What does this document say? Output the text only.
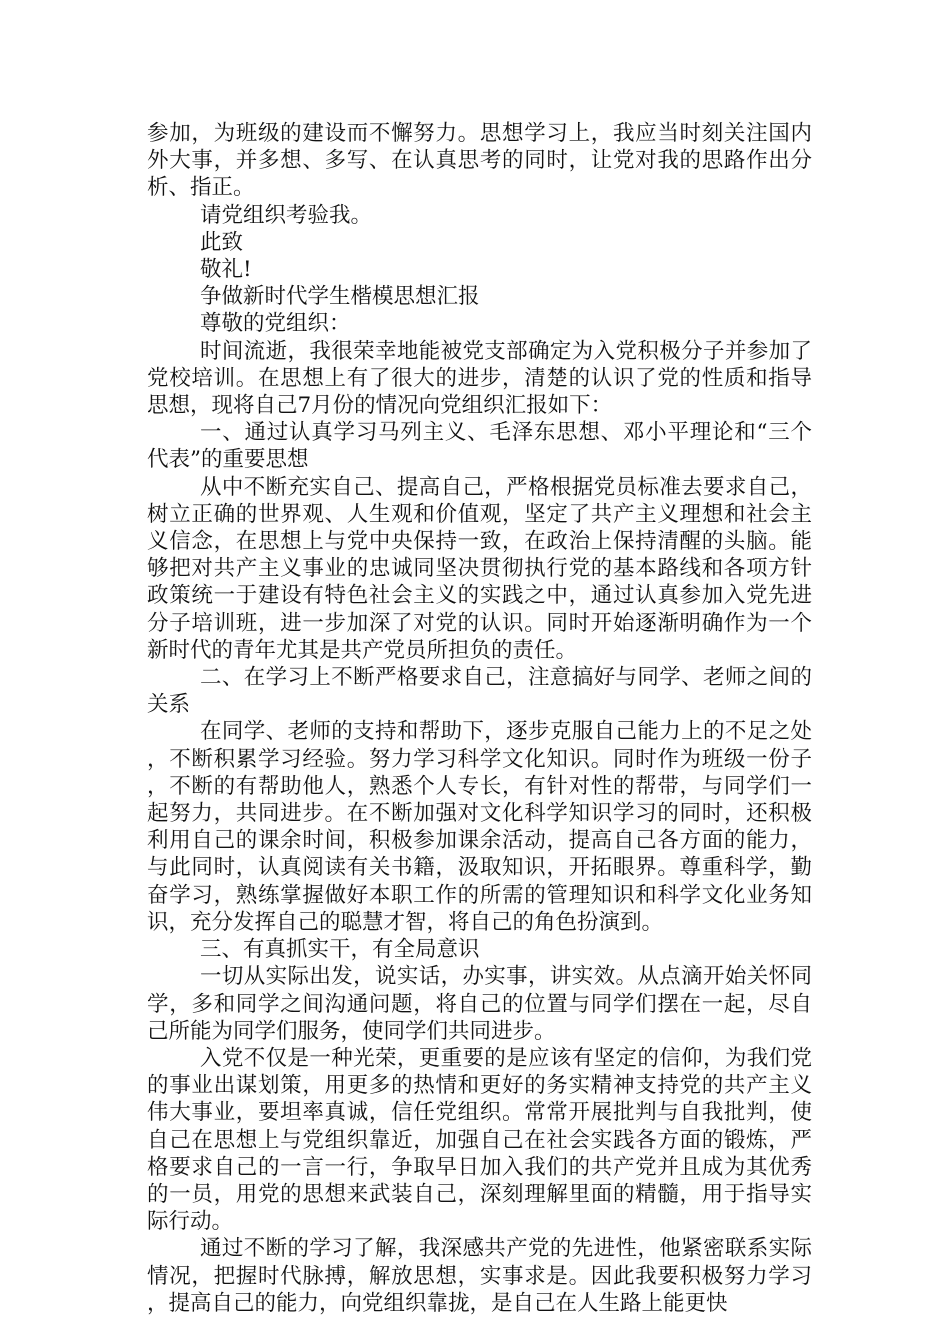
参加，为班级的建设而不懈努力。思想学习上，我应当时刻关注国内外大事，并多想、多写、在认真思考的同时，让党对我的思路作出分析、指正。

请党组织考验我。

此致

敬礼!

争做新时代学生楷模思想汇报

尊敬的党组织：

时间流逝，我很荣幸地能被党支部确定为入党积极分子并参加了党校培训。在思想上有了很大的进步，清楚的认识了党的性质和指导思想，现将自己7月份的情况向党组织汇报如下：

一、通过认真学习马列主义、毛泽东思想、邓小平理论和“三个代表”的重要思想

从中不断充实自己、提高自己，严格根据党员标准去要求自己，树立正确的世界观、人生观和价值观，坚定了共产主义理想和社会主义信念，在思想上与党中央保持一致，在政治上保持清醒的头脑。能够把对共产主义事业的忠诚同坚决贯彻执行党的基本路线和各项方针政策统一于建设有特色社会主义的实践之中，通过认真参加入党先进分子培训班，进一步加深了对党的认识。同时开始逐渐明确作为一个新时代的青年尤其是共产党员所担负的责任。

二、在学习上不断严格要求自己，注意搞好与同学、老师之间的关系

在同学、老师的支持和帮助下，逐步克服自己能力上的不足之处，不断积累学习经验。努力学习科学文化知识。同时作为班级一份子，不断的有帮助他人，熟悉个人专长，有针对性的帮带，与同学们一起努力，共同进步。在不断加强对文化科学知识学习的同时，还积极利用自己的课余时间，积极参加课余活动，提高自己各方面的能力，与此同时，认真阅读有关书籍，汲取知识，开拓眼界。尊重科学，勤奋学习，熟练掌握做好本职工作的所需的管理知识和科学文化业务知识，充分发挥自己的聪慧才智，将自己的角色扮演到。

三、有真抓实干，有全局意识

一切从实际出发，说实话，办实事，讲实效。从点滴开始关怀同学，多和同学之间沟通问题，将自己的位置与同学们摆在一起，尽自己所能为同学们服务，使同学们共同进步。

入党不仅是一种光荣，更重要的是应该有坚定的信仰，为我们党的事业出谋划策，用更多的热情和更好的务实精神支持党的共产主义伟大事业，要坦率真诚，信任党组织。常常开展批判与自我批判，使自己在思想上与党组织靠近，加强自己在社会实践各方面的锻炼，严格要求自己的一言一行，争取早日加入我们的共产党并且成为其优秀的一员，用党的思想来武装自己，深刻理解里面的精髓，用于指导实际行动。

通过不断的学习了解，我深感共产党的先进性，他紧密联系实际情况，把握时代脉搏，解放思想，实事求是。因此我要积极努力学习，提高自己的能力，向党组织靠拢，是自己在人生路上能更快
